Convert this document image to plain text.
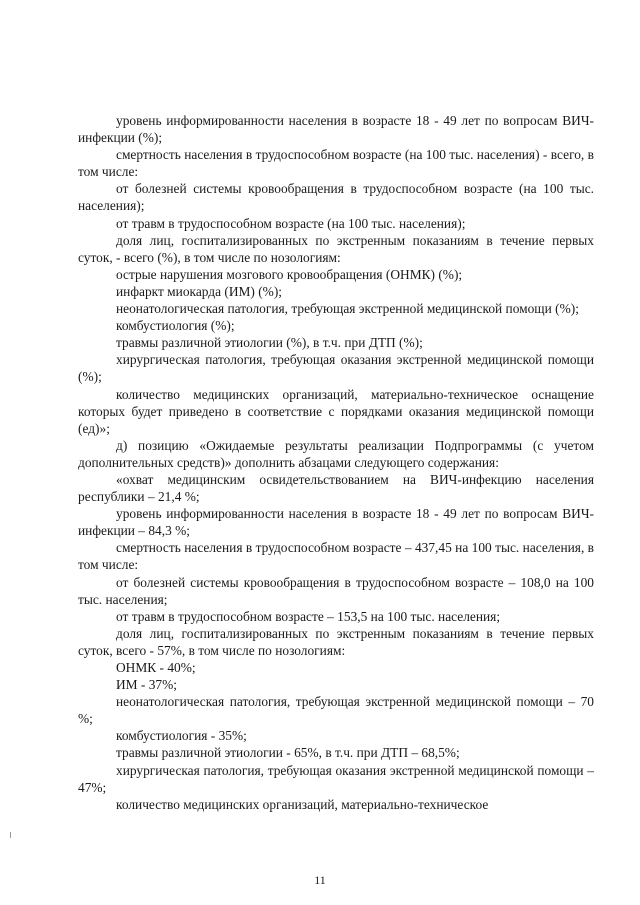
уровень информированности населения в возрасте 18 - 49 лет по вопросам ВИЧ-инфекции (%);

смертность населения в трудоспособном возрасте (на 100 тыс. населения) - всего, в том числе:

от болезней системы кровообращения в трудоспособном возрасте (на 100 тыс. населения);

от травм в трудоспособном возрасте (на 100 тыс. населения);

доля лиц, госпитализированных по экстренным показаниям в течение первых суток, - всего (%), в том числе по нозологиям:

острые нарушения мозгового кровообращения (ОНМК) (%);

инфаркт миокарда (ИМ) (%);

неонатологическая патология, требующая экстренной медицинской помощи (%);

комбустиология (%);

травмы различной этиологии (%), в т.ч. при ДТП (%);

хирургическая патология, требующая оказания экстренной медицинской помощи (%);

количество медицинских организаций, материально-техническое оснащение которых будет приведено в соответствие с порядками оказания медицинской помощи (ед)»;

д) позицию «Ожидаемые результаты реализации Подпрограммы (с учетом дополнительных средств)» дополнить абзацами следующего содержания:

«охват медицинским освидетельствованием на ВИЧ-инфекцию населения республики – 21,4 %;

уровень информированности населения в возрасте 18 - 49 лет по вопросам ВИЧ-инфекции – 84,3 %;

смертность населения в трудоспособном возрасте – 437,45 на 100 тыс. населения, в том числе:

от болезней системы кровообращения в трудоспособном возрасте – 108,0 на 100 тыс. населения;

от травм в трудоспособном возрасте – 153,5 на 100 тыс. населения;

доля лиц, госпитализированных по экстренным показаниям в течение первых суток, всего - 57%, в том числе по нозологиям:

ОНМК - 40%;

ИМ - 37%;

неонатологическая патология, требующая экстренной медицинской помощи – 70 %;

комбустиология - 35%;

травмы различной этиологии - 65%, в т.ч. при ДТП – 68,5%;

хирургическая патология, требующая оказания экстренной медицинской помощи – 47%;

количество медицинских организаций, материально-техническое

11
